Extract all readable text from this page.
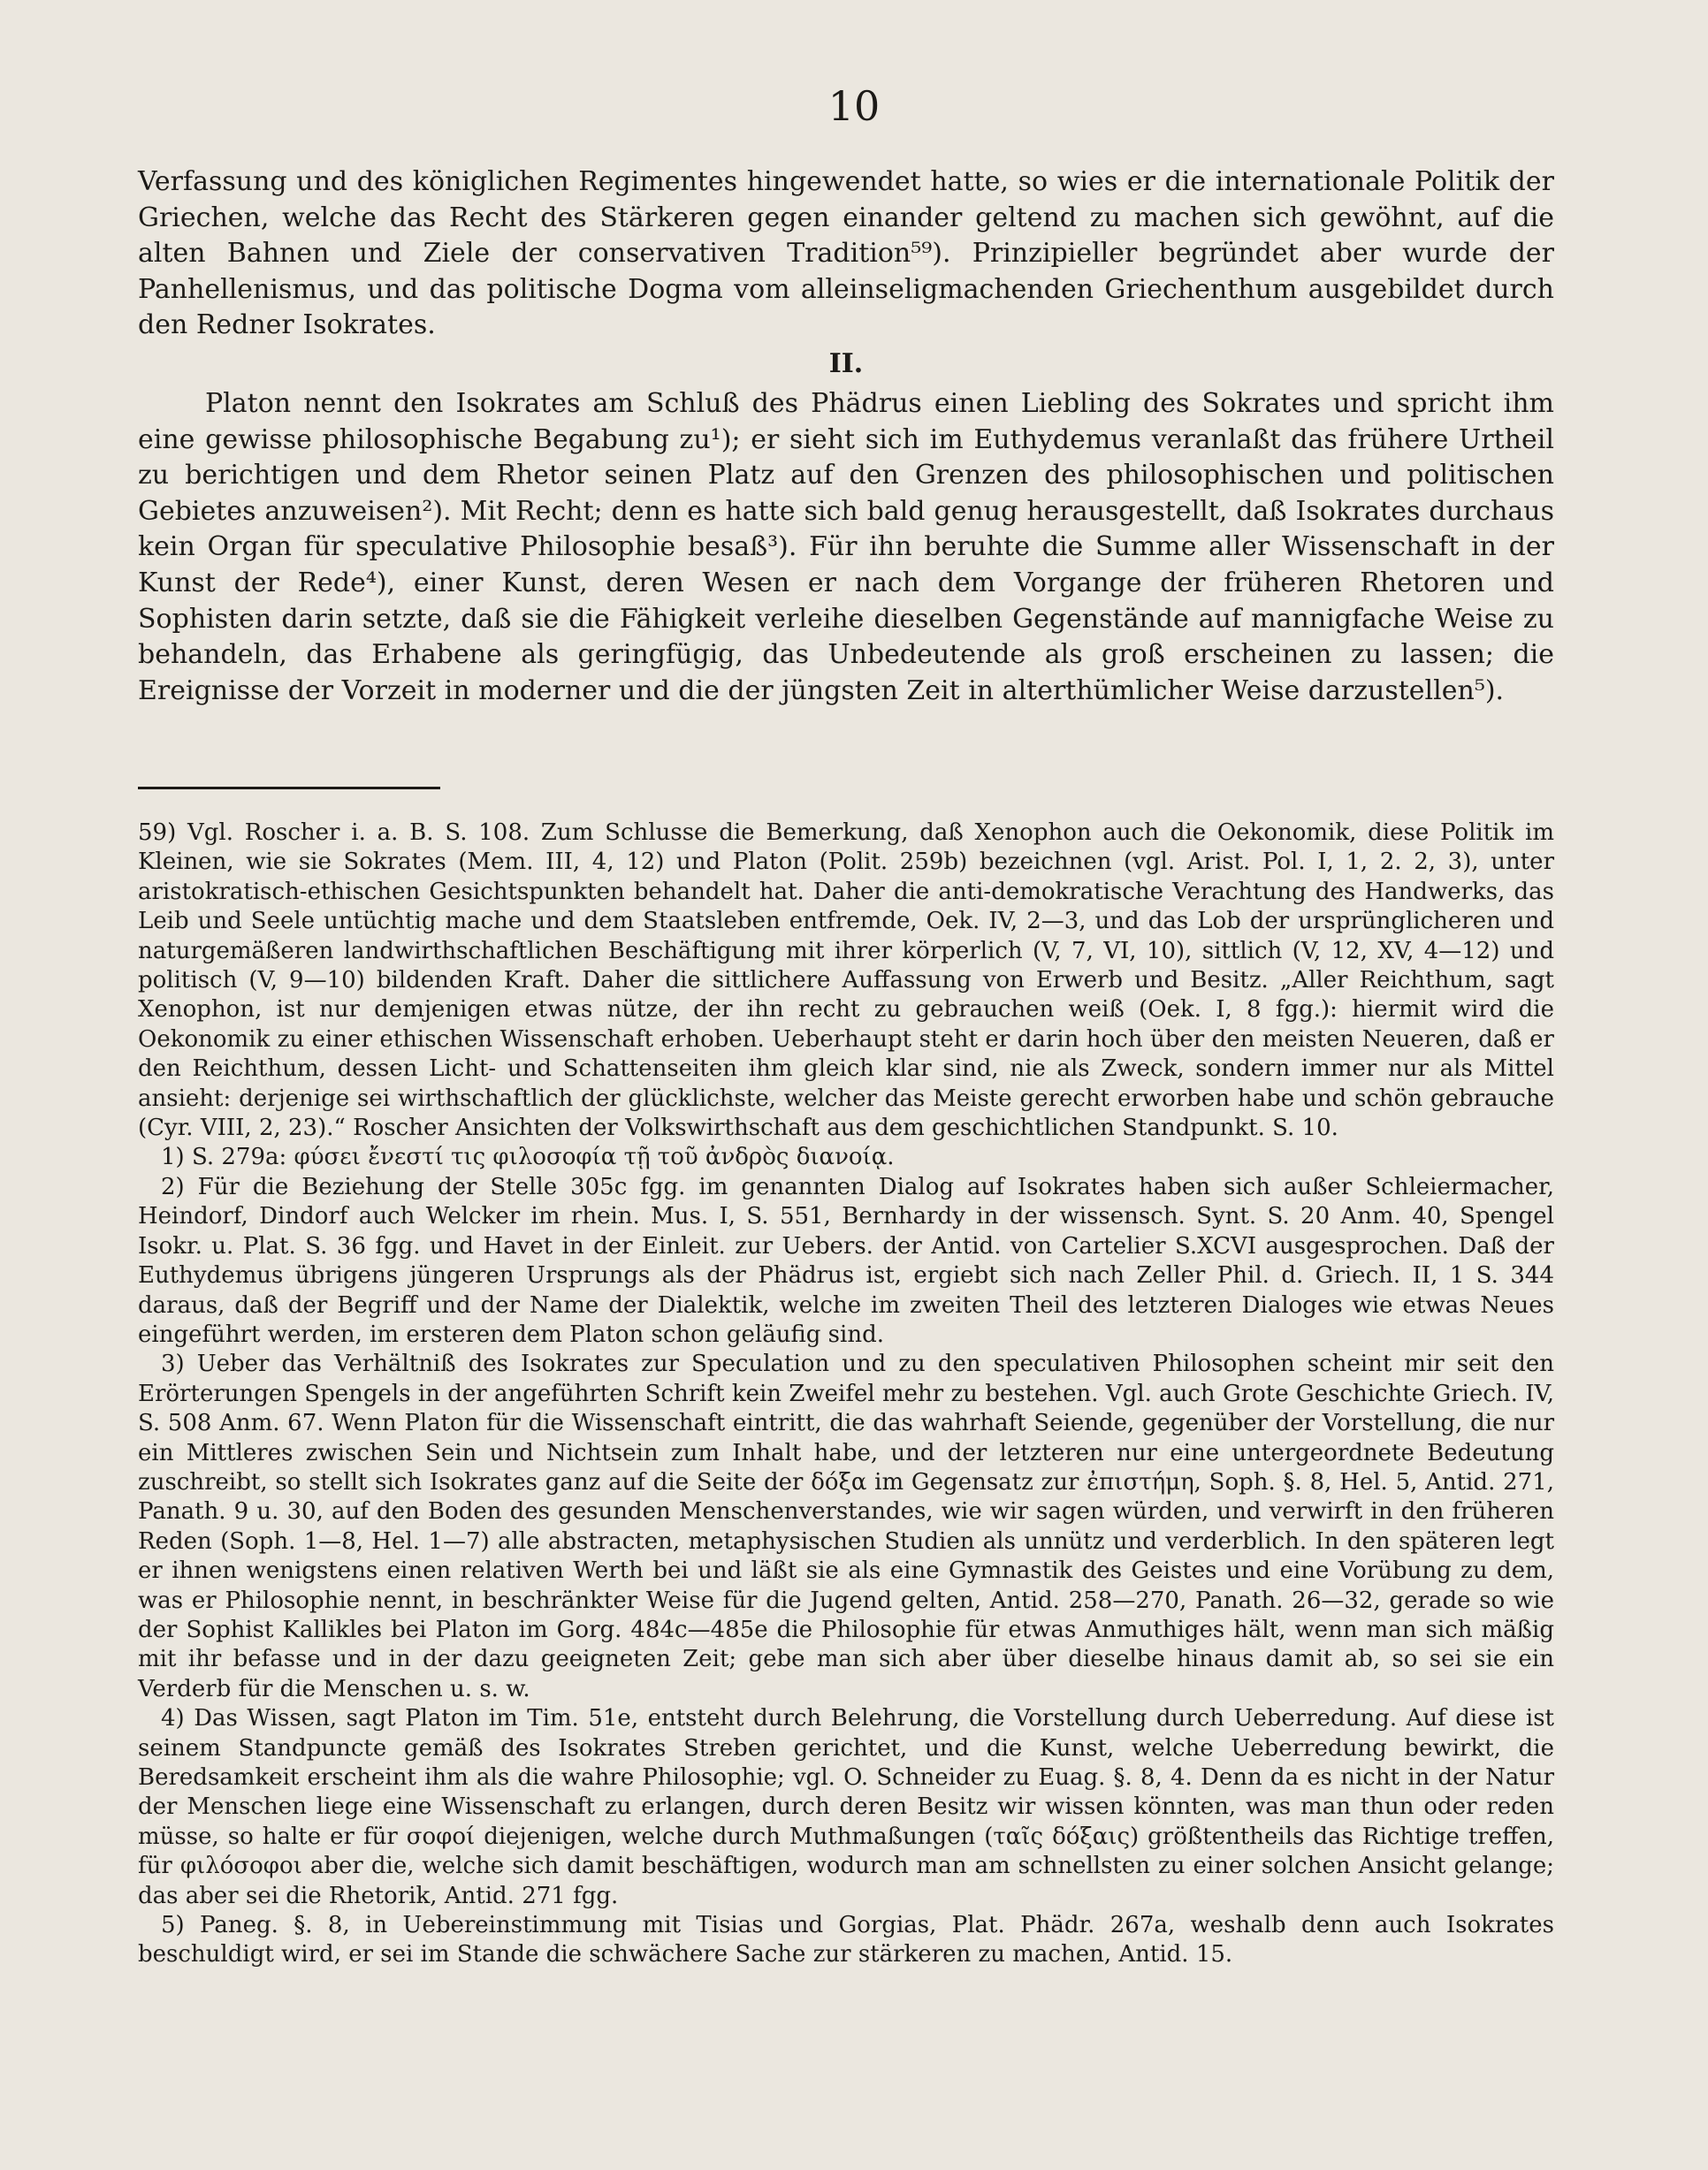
10

Verfassung und des königlichen Regimentes hingewendet hatte, so wies er die internationale Politik der Griechen, welche das Recht des Stärkeren gegen einander geltend zu machen sich gewöhnt, auf die alten Bahnen und Ziele der conservativen Tradition⁵⁹). Prinzipieller begründet aber wurde der Panhellenismus, und das politische Dogma vom alleinseligmachenden Griechenthum ausgebildet durch den Redner Isokrates.

II.

Platon nennt den Isokrates am Schluß des Phädrus einen Liebling des Sokrates und spricht ihm eine gewisse philosophische Begabung zu¹); er sieht sich im Euthydemus veranlaßt das frühere Urtheil zu berichtigen und dem Rhetor seinen Platz auf den Grenzen des philosophischen und politischen Gebietes anzuweisen²). Mit Recht; denn es hatte sich bald genug herausgestellt, daß Isokrates durchaus kein Organ für speculative Philosophie besaß³). Für ihn beruhte die Summe aller Wissenschaft in der Kunst der Rede⁴), einer Kunst, deren Wesen er nach dem Vorgange der früheren Rhetoren und Sophisten darin setzte, daß sie die Fähigkeit verleihe dieselben Gegenstände auf mannigfache Weise zu behandeln, das Erhabene als geringfügig, das Unbedeutende als groß erscheinen zu lassen; die Ereignisse der Vorzeit in moderner und die der jüngsten Zeit in alterthümlicher Weise darzustellen⁵).

59) Vgl. Roscher i. a. B. S. 108. Zum Schlusse die Bemerkung, daß Xenophon auch die Oekonomik, diese Politik im Kleinen, wie sie Sokrates (Mem. III, 4, 12) und Platon (Polit. 259b) bezeichnen (vgl. Arist. Pol. I, 1, 2. 2, 3), unter aristokratisch-ethischen Gesichtspunkten behandelt hat. Daher die anti-demokratische Verachtung des Handwerks, das Leib und Seele untüchtig mache und dem Staatsleben entfremde, Oek. IV, 2—3, und das Lob der ursprünglicheren und naturgemäßeren landwirthschaftlichen Beschäftigung mit ihrer körperlich (V, 7, VI, 10), sittlich (V, 12, XV, 4—12) und politisch (V, 9—10) bildenden Kraft. Daher die sittlichere Auffassung von Erwerb und Besitz. „Aller Reichthum, sagt Xenophon, ist nur demjenigen etwas nütze, der ihn recht zu gebrauchen weiß (Oek. I, 8 fgg.): hiermit wird die Oekonomik zu einer ethischen Wissenschaft erhoben. Ueberhaupt steht er darin hoch über den meisten Neueren, daß er den Reichthum, dessen Licht- und Schattenseiten ihm gleich klar sind, nie als Zweck, sondern immer nur als Mittel ansieht: derjenige sei wirthschaftlich der glücklichste, welcher das Meiste gerecht erworben habe und schön gebrauche (Cyr. VIII, 2, 23).“ Roscher Ansichten der Volkswirthschaft aus dem geschichtlichen Standpunkt. S. 10.

1) S. 279a: φύσει ἔνεστί τις φιλοσοφία τῇ τοῦ ἀνδρὸς διανοίᾳ.

2) Für die Beziehung der Stelle 305c fgg. im genannten Dialog auf Isokrates haben sich außer Schleiermacher, Heindorf, Dindorf auch Welcker im rhein. Mus. I, S. 551, Bernhardy in der wissensch. Synt. S. 20 Anm. 40, Spengel Isokr. u. Plat. S. 36 fgg. und Havet in der Einleit. zur Uebers. der Antid. von Cartelier S.XCVI ausgesprochen. Daß der Euthydemus übrigens jüngeren Ursprungs als der Phädrus ist, ergiebt sich nach Zeller Phil. d. Griech. II, 1 S. 344 daraus, daß der Begriff und der Name der Dialektik, welche im zweiten Theil des letzteren Dialoges wie etwas Neues eingeführt werden, im ersteren dem Platon schon geläufig sind.

3) Ueber das Verhältniß des Isokrates zur Speculation und zu den speculativen Philosophen scheint mir seit den Erörterungen Spengels in der angeführten Schrift kein Zweifel mehr zu bestehen. Vgl. auch Grote Geschichte Griech. IV, S. 508 Anm. 67. Wenn Platon für die Wissenschaft eintritt, die das wahrhaft Seiende, gegenüber der Vorstellung, die nur ein Mittleres zwischen Sein und Nichtsein zum Inhalt habe, und der letzteren nur eine untergeordnete Bedeutung zuschreibt, so stellt sich Isokrates ganz auf die Seite der δόξα im Gegensatz zur ἐπιστήμη, Soph. §. 8, Hel. 5, Antid. 271, Panath. 9 u. 30, auf den Boden des gesunden Menschenverstandes, wie wir sagen würden, und verwirft in den früheren Reden (Soph. 1—8, Hel. 1—7) alle abstracten, metaphysischen Studien als unnütz und verderblich. In den späteren legt er ihnen wenigstens einen relativen Werth bei und läßt sie als eine Gymnastik des Geistes und eine Vorübung zu dem, was er Philosophie nennt, in beschränkter Weise für die Jugend gelten, Antid. 258—270, Panath. 26—32, gerade so wie der Sophist Kallikles bei Platon im Gorg. 484c—485e die Philosophie für etwas Anmuthiges hält, wenn man sich mäßig mit ihr befasse und in der dazu geeigneten Zeit; gebe man sich aber über dieselbe hinaus damit ab, so sei sie ein Verderb für die Menschen u. s. w.

4) Das Wissen, sagt Platon im Tim. 51e, entsteht durch Belehrung, die Vorstellung durch Ueberredung. Auf diese ist seinem Standpuncte gemäß des Isokrates Streben gerichtet, und die Kunst, welche Ueberredung bewirkt, die Beredsamkeit erscheint ihm als die wahre Philosophie; vgl. O. Schneider zu Euag. §. 8, 4. Denn da es nicht in der Natur der Menschen liege eine Wissenschaft zu erlangen, durch deren Besitz wir wissen könnten, was man thun oder reden müsse, so halte er für σοφοί diejenigen, welche durch Muthmaßungen (ταῖς δόξαις) größtentheils das Richtige treffen, für φιλόσοφοι aber die, welche sich damit beschäftigen, wodurch man am schnellsten zu einer solchen Ansicht gelange; das aber sei die Rhetorik, Antid. 271 fgg.

5) Paneg. §. 8, in Uebereinstimmung mit Tisias und Gorgias, Plat. Phädr. 267a, weshalb denn auch Isokrates beschuldigt wird, er sei im Stande die schwächere Sache zur stärkeren zu machen, Antid. 15.
